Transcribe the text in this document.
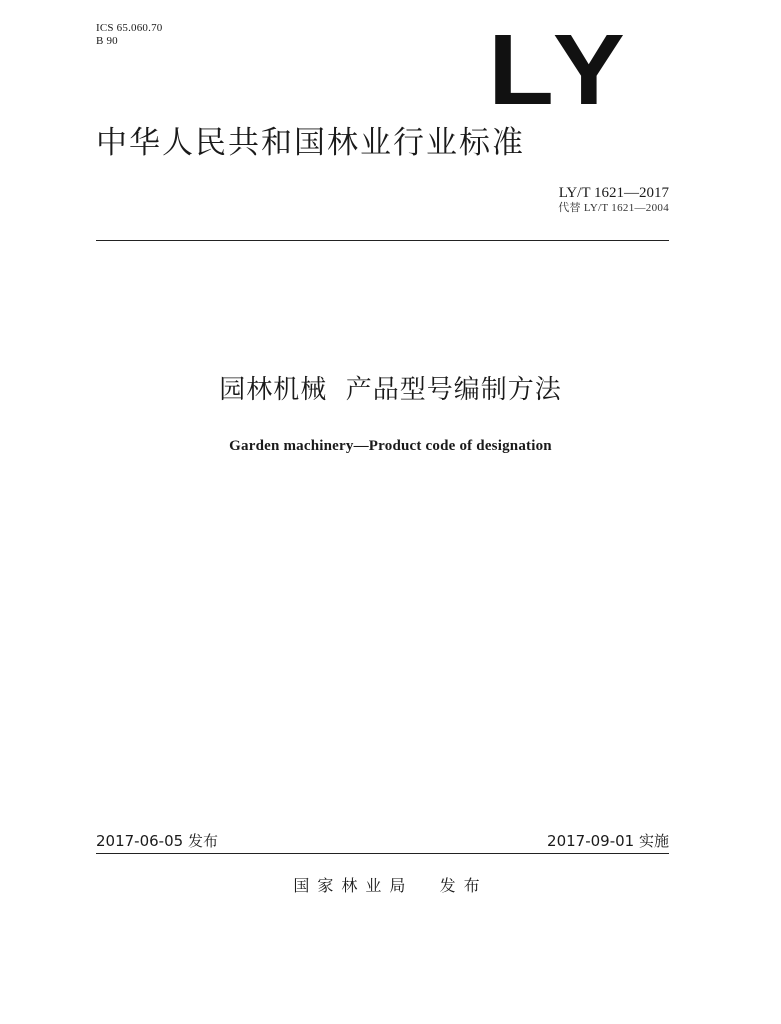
ICS 65.060.70
B 90	LY
中华人民共和国林业行业标准
LY/T 1621—2017
代替 LY/T 1621—2004
园林机械  产品型号编制方法
Garden machinery—Product code of designation
2017-06-05 发布	2017-09-01 实施
国家林业局  发布
